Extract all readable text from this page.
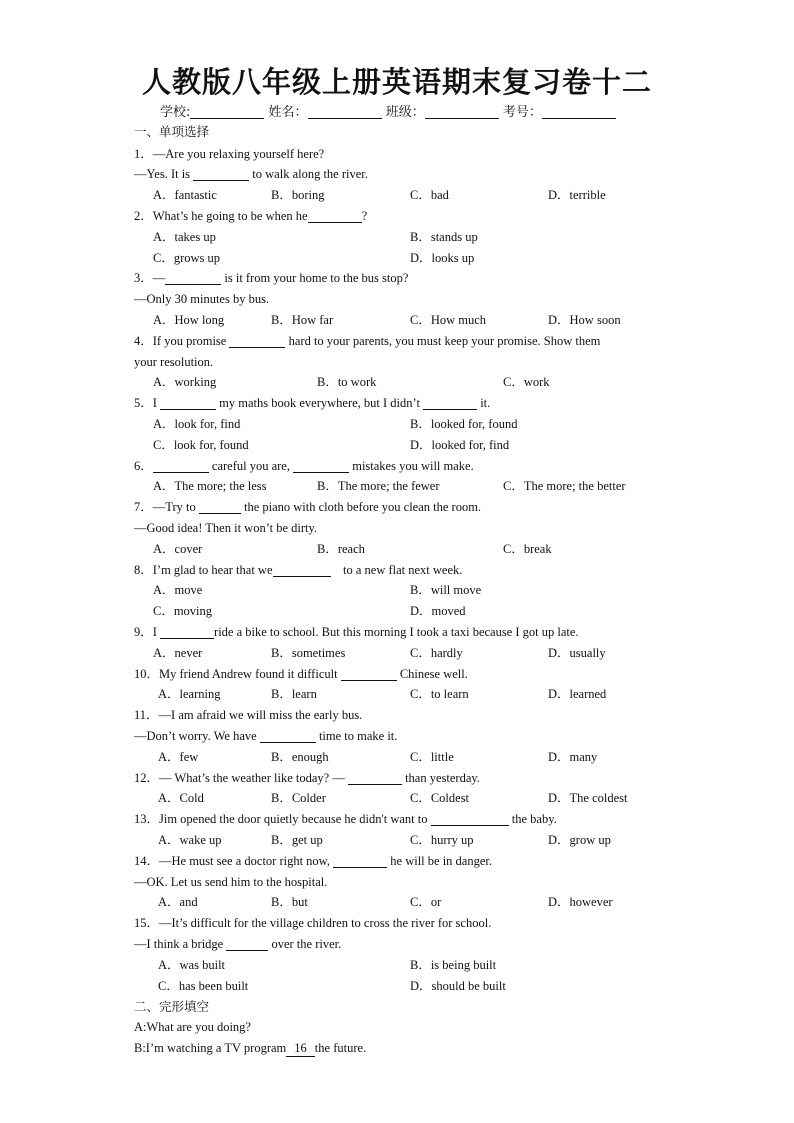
人教版八年级上册英语期末复习卷十二
学校:	姓名：	班级：	考号：
一、单项选择
1．—Are you relaxing yourself here?
—Yes. It is	to walk along the river.
A．fantastic	B．boring	C．bad	D．terrible
2．What’s he going to be when he	?
A．takes up	B．stands up
C．grows up	D．looks up
3．—	is it from your home to the bus stop?
—Only 30 minutes by bus.
A．How long	B．How far	C．How much	D．How soon
4．If you promise	hard to your parents, you must keep your promise. Show them
your resolution.
A．working	B．to work	C．work
5．I	my maths book everywhere, but I didn’t	it.
A．look for, find	B．looked for, found
C．look for, found	D．looked for, find
6．	careful you are,	mistakes you will make.
A．The more; the less	B．The more; the fewer	C．The more; the better
7．—Try to	the piano with cloth before you clean the room.
—Good idea! Then it won’t be dirty.
A．cover	B．reach	C．break
8．I’m glad to hear that we	to a new flat next week.
A．move	B．will move
C．moving	D．moved
9．I	ride a bike to school. But this morning I took a taxi because I got up late.
A．never	B．sometimes	C．hardly	D．usually
10．My friend Andrew found it difficult	Chinese well.
A．learning	B．learn	C．to learn	D．learned
11．—I am afraid we will miss the early bus.
—Don’t worry. We have	time to make it.
A．few	B．enough	C．little	D．many
12．— What’s the weather like today? —	than yesterday.
A．Cold	B．Colder	C．Coldest	D．The coldest
13．Jim opened the door quietly because he didn't want to	the baby.
A．wake up	B．get up	C．hurry up	D．grow up
14．—He must see a doctor right now,	he will be in danger.
—OK. Let us send him to the hospital.
A．and	B．but	C．or	D．however
15．—It’s difficult for the village children to cross the river for school.
—I think a bridge	over the river.
A．was built	B．is being built
C．has been built	D．should be built
二、完形填空
A:What are you doing?
B:I’m watching a TV program 16 the future.
